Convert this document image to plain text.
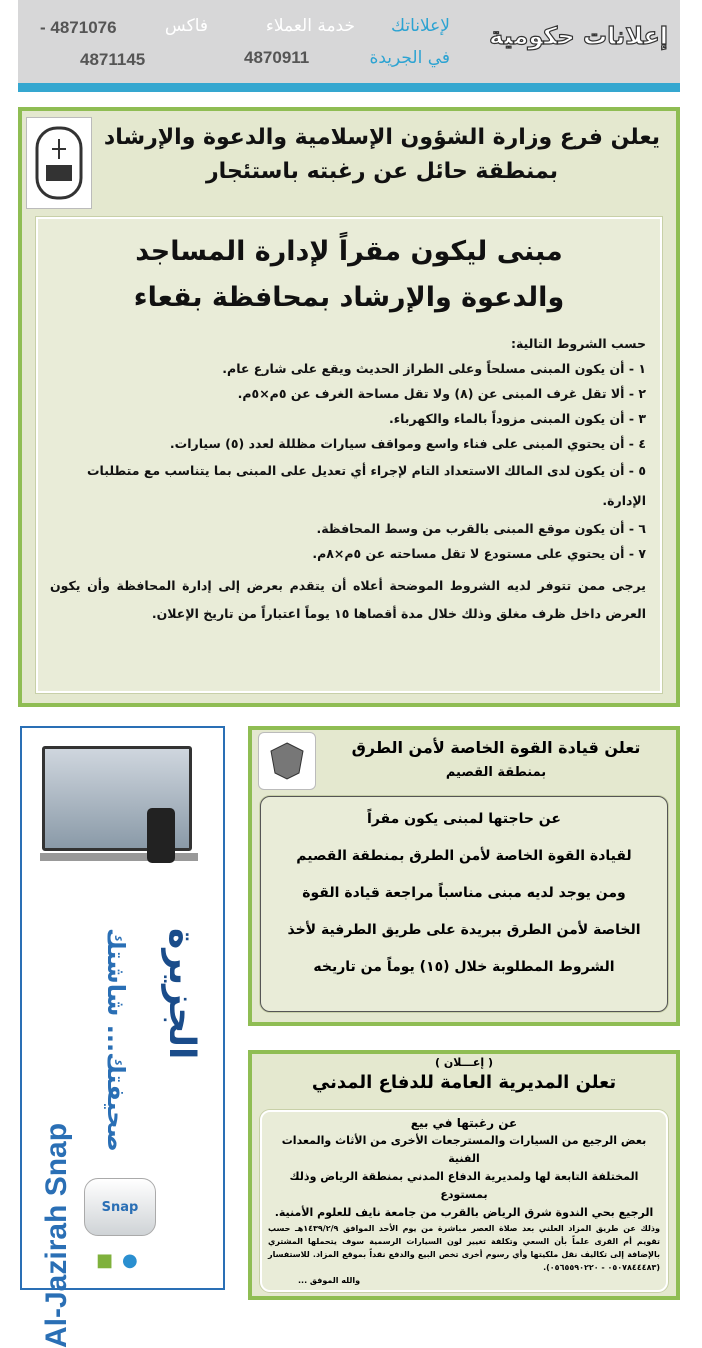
إعلانات حكومية
لإعلاناتك
في الجريدة
خدمة العملاء
4870911
فاكس
4871076 -
4871145
يعلن فرع وزارة الشؤون الإسلامية والدعوة والإرشاد
بمنطقة حائل عن رغبته باستئجار
مبنى ليكون مقراً لإدارة المساجد
والدعوة والإرشاد بمحافظة بقعاء

حسب الشروط التالية:

١ - أن يكون المبنى مسلحاً وعلى الطراز الحديث ويقع على شارع عام.

٢ - ألا تقل غرف المبنى عن (٨) ولا تقل مساحة الغرف عن ٥م×٥م.

٣ - أن يكون المبنى مزوداً بالماء والكهرباء.

٤ - أن يحتوي المبنى على فناء واسع ومواقف سيارات مظللة لعدد (٥) سيارات.

٥ - أن يكون لدى المالك الاستعداد التام لإجراء أي تعديل على المبنى بما يتناسب مع متطلبات الإدارة.

٦ - أن يكون موقع المبنى بالقرب من وسط المحافظة.

٧ - أن يحتوي على مستودع لا تقل مساحته عن ٥م×٨م.

يرجى ممن تتوفر لديه الشروط الموضحة أعلاه أن يتقدم بعرض إلى إدارة المحافظة وأن يكون العرض داخل ظرف مغلق وذلك خلال مدة أقصاها ١٥ يوماً اعتباراً من تاريخ الإعلان.

Al-Jazirah Snap
صحيفتك... شاشتك الجزيرة
Snap
■ ●
تعلن قيادة القوة الخاصة لأمن الطرق
بمنطقة القصيم

عن حاجتها لمبنى يكون مقراً

لقيادة القوة الخاصة لأمن الطرق بمنطقة القصيم

ومن يوجد لديه مبنى مناسباً مراجعة قيادة القوة

الخاصة لأمن الطرق ببريدة على طريق الطرفية لأخذ

الشروط المطلوبة خلال (١٥) يوماً من تاريخه

( إعـــلان )
تعلن المديرية العامة للدفاع المدني

عن رغبتها في بيع

بعض الرجيع من السيارات والمسترجعات الأخرى من الأثاث والمعدات الفنية

المختلفة التابعة لها ولمديرية الدفاع المدني بمنطقة الرياض وذلك بمستودع

الرجيع بحي الندوة شرق الرياض بالقرب من جامعة نايف للعلوم الأمنية.

وذلك عن طريق المزاد العلني بعد صلاة العصر مباشرة من يوم الأحد الموافق ١٤٣٩/٢/٩هـ حسب تقويم أم القرى علماً بأن السعي وتكلفة تغيير لون السيارات الرسمية سوف يتحملها المشتري بالإضافة إلى تكاليف نقل ملكيتها وأي رسوم أخرى تخص البيع والدفع نقداً بموقع المزاد. للاستفسار (٠٥٠٧٨٤٤٤٨٣ - ٠٥٦٥٥٩٠٢٢٠).
والله الموفق ...
